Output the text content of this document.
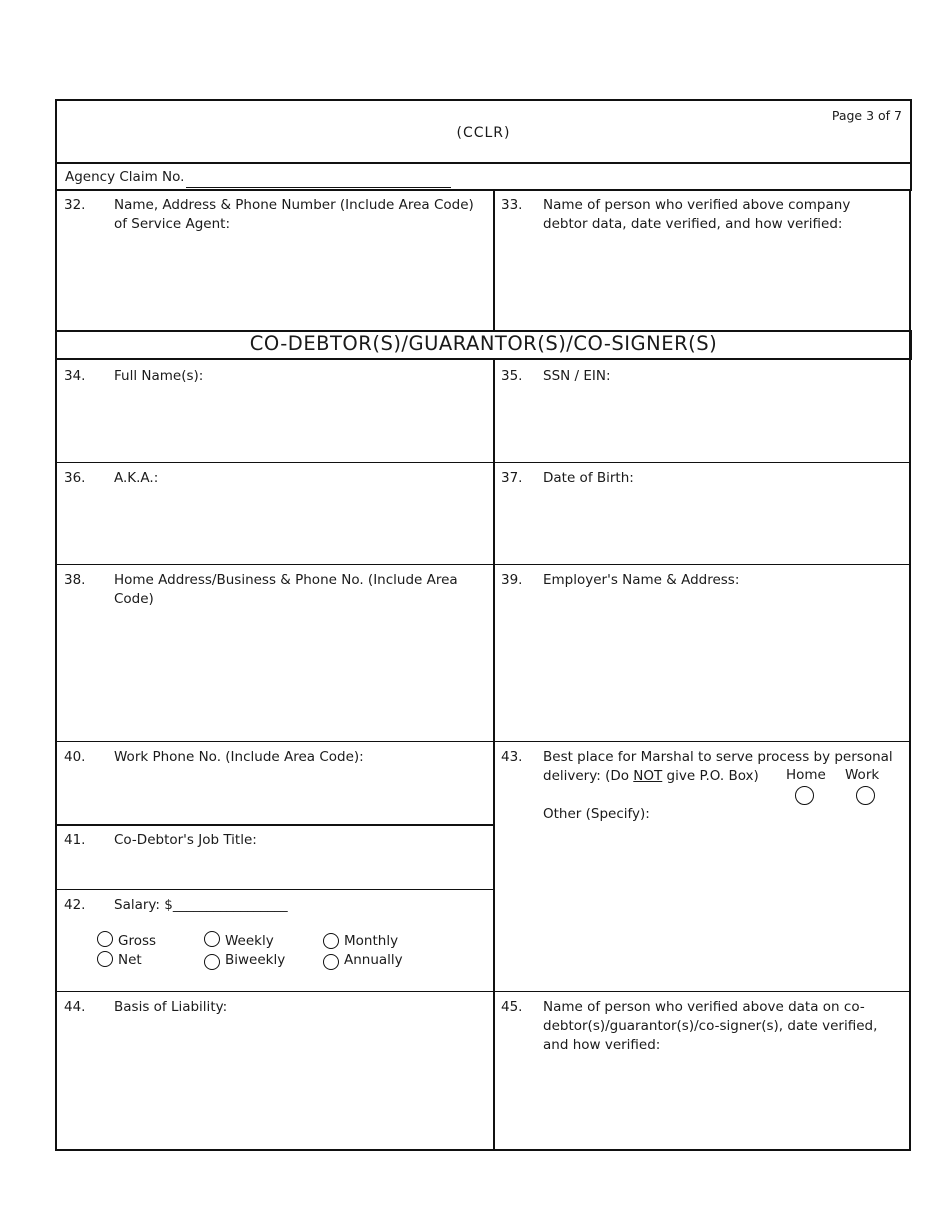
Page 3 of 7
(CCLR)
Agency Claim No.
32. Name, Address & Phone Number (Include Area Code) of Service Agent:
33. Name of person who verified above company debtor data, date verified, and how verified:
CO-DEBTOR(S)/GUARANTOR(S)/CO-SIGNER(S)
34. Full Name(s):	35. SSN / EIN:
36. A.K.A.:	37. Date of Birth:
38. Home Address/Business & Phone No. (Include Area Code)
39. Employer's Name & Address:
40. Work Phone No. (Include Area Code):
41. Co-Debtor's Job Title:
42. Salary: $_________________
Gross
Net
Weekly
Biweekly
Monthly
Annually
43. Best place for Marshal to serve process by personal
delivery: (Do NOT give P.O. Box) Home Work
Other (Specify):
44. Basis of Liability:	45. Name of person who verified above data on co-debtor(s)/guarantor(s)/co-signer(s), date verified, and how verified:
